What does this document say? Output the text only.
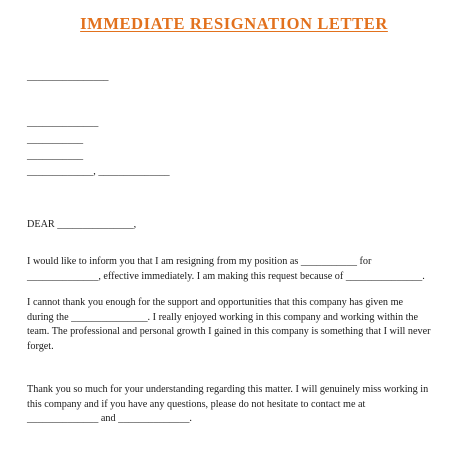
IMMEDIATE RESIGNATION LETTER
________________
______________
___________
___________
_____________, ______________
DEAR _______________,
I would like to inform you that I am resigning from my position as ___________ for
______________, effective immediately. I am making this request because of _______________.
I cannot thank you enough for the support and opportunities that this company has given me
during the _______________. I really enjoyed working in this company and working within the
team. The professional and personal growth I gained in this company is something that I will never
forget.
Thank you so much for your understanding regarding this matter. I will genuinely miss working in
this company and if you have any questions, please do not hesitate to contact me at
______________ and ______________.
